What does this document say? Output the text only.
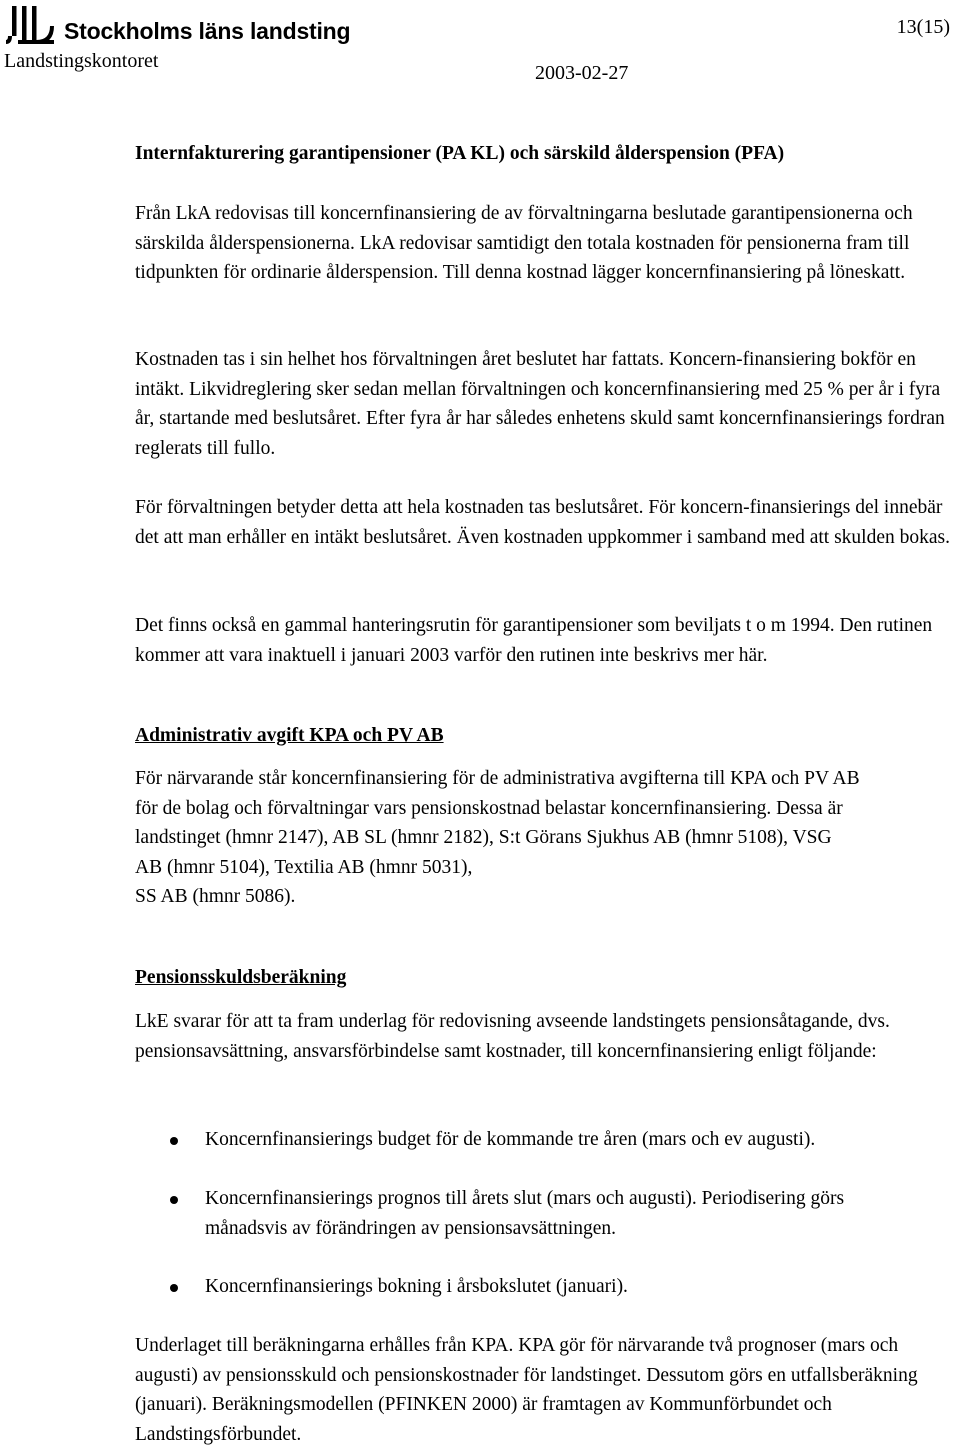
Stockholms läns landsting	13(15)
Landstingskontoret
2003-02-27
Internfakturering garantipensioner (PA KL) och särskild ålderspension (PFA)

Från LkA redovisas till koncernfinansiering de av förvaltningarna beslutade garantipensionerna och särskilda ålderspensionerna. LkA redovisar samtidigt den totala kostnaden för pensionerna fram till tidpunkten för ordinarie ålderspension. Till denna kostnad lägger koncernfinansiering på löneskatt.

Kostnaden tas i sin helhet hos förvaltningen året beslutet har fattats. Koncern-finansiering bokför en intäkt. Likvidreglering sker sedan mellan förvaltningen och koncernfinansiering med 25 % per år i fyra år, startande med beslutsåret. Efter fyra år har således enhetens skuld samt koncernfinansierings fordran reglerats till fullo.

För förvaltningen betyder detta att hela kostnaden tas beslutsåret. För koncern-finansierings del innebär det att man erhåller en intäkt beslutsåret. Även kostnaden uppkommer i samband med att skulden bokas.

Det finns också en gammal hanteringsrutin för garantipensioner som beviljats t o m 1994. Den rutinen kommer att vara inaktuell i januari 2003 varför den rutinen inte beskrivs mer här.

Administrativ avgift KPA och PV AB
För närvarande står koncernfinansiering för de administrativa avgifterna till KPA och PV AB
för de bolag och förvaltningar vars pensionskostnad belastar koncernfinansiering. Dessa är
landstinget (hmnr 2147), AB SL (hmnr 2182), S:t Görans Sjukhus AB (hmnr 5108), VSG
AB (hmnr 5104), Textilia AB (hmnr 5031),
SS AB (hmnr 5086).
Pensionsskuldsberäkning

LkE svarar för att ta fram underlag för redovisning avseende landstingets pensionsåtagande, dvs. pensionsavsättning, ansvarsförbindelse samt kostnader, till koncernfinansiering enligt följande:

Koncernfinansierings budget för de kommande tre åren (mars och ev augusti).
Koncernfinansierings prognos till årets slut (mars och augusti). Periodisering görs månadsvis av förändringen av pensionsavsättningen.
Koncernfinansierings bokning i årsbokslutet (januari).

Underlaget till beräkningarna erhålles från KPA. KPA gör för närvarande två prognoser (mars och augusti) av pensionsskuld och pensionskostnader för landstinget. Dessutom görs en utfallsberäkning (januari). Beräkningsmodellen (PFINKEN 2000) är framtagen av Kommunförbundet och Landstingsförbundet.
